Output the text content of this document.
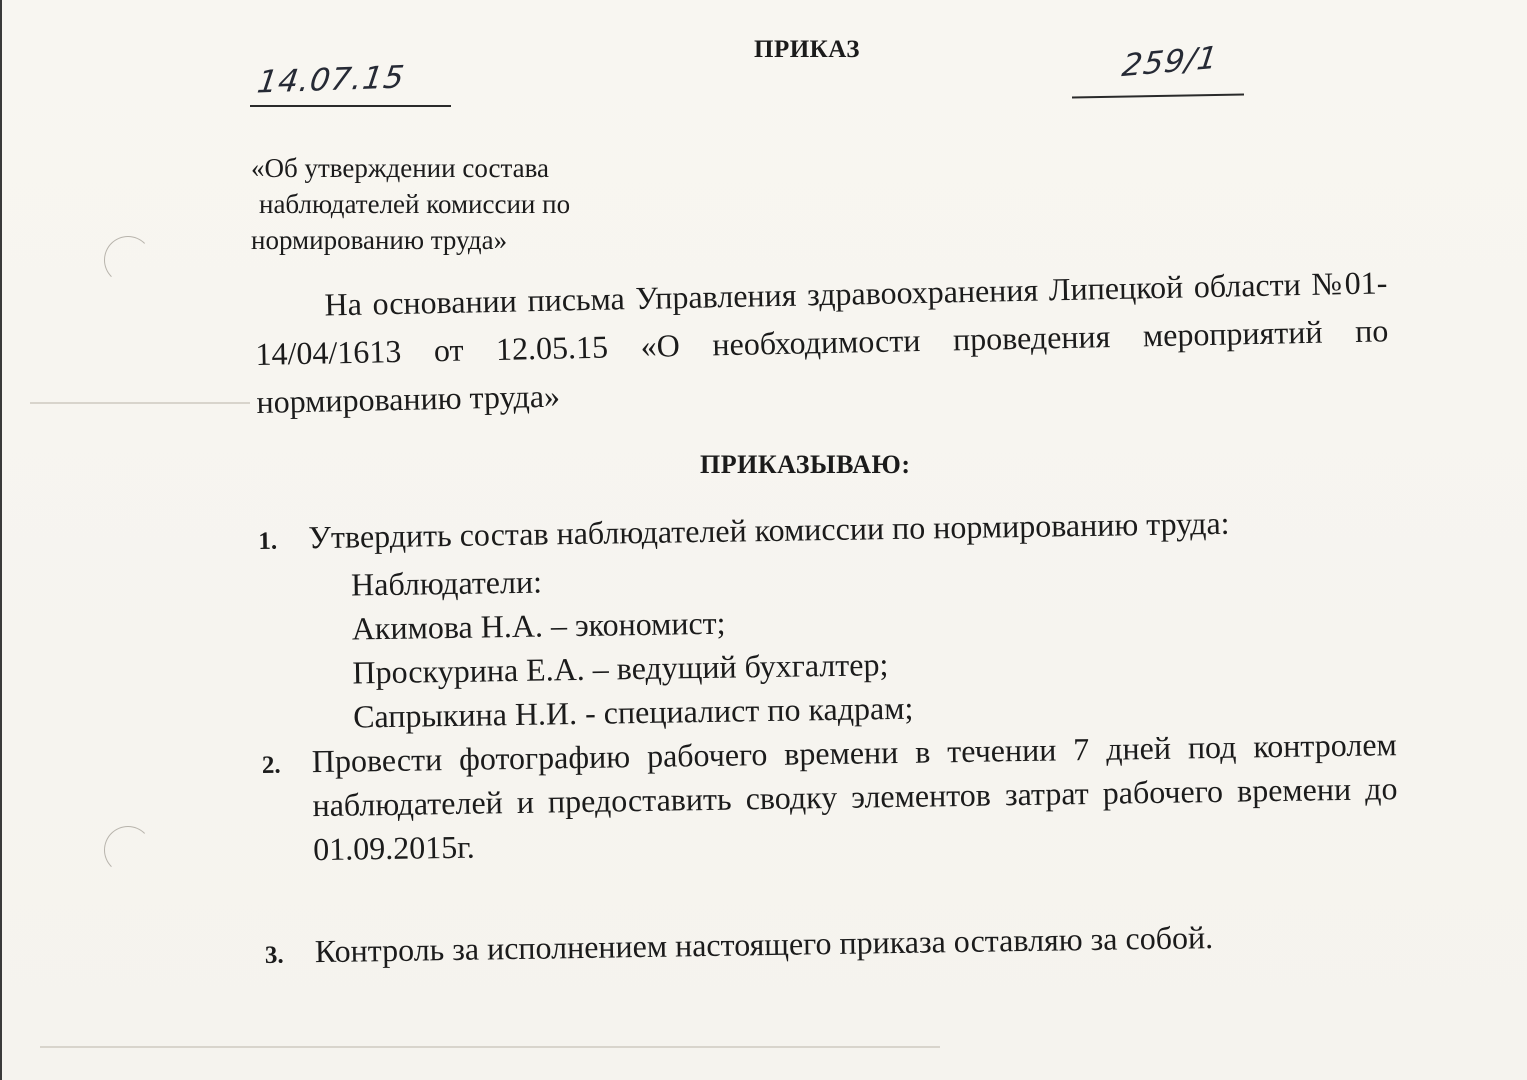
ПРИКАЗ
14.07.15	259/1
«Об утверждении состава
наблюдателей комиссии по
нормированию труда»
На основании письма Управления здравоохранения Липецкой области №01-14/04/1613 от 12.05.15 «О необходимости проведения мероприятий по нормированию труда»
ПРИКАЗЫВАЮ:
1. Утвердить состав наблюдателей комиссии по нормированию труда:
Наблюдатели:
Акимова Н.А. – экономист;
Проскурина Е.А. – ведущий бухгалтер;
Сапрыкина Н.И. - специалист по кадрам;
2. Провести фотографию рабочего времени в течении 7 дней под контролем наблюдателей и предоставить сводку элементов затрат рабочего времени до 01.09.2015г.
3. Контроль за исполнением настоящего приказа оставляю за собой.
